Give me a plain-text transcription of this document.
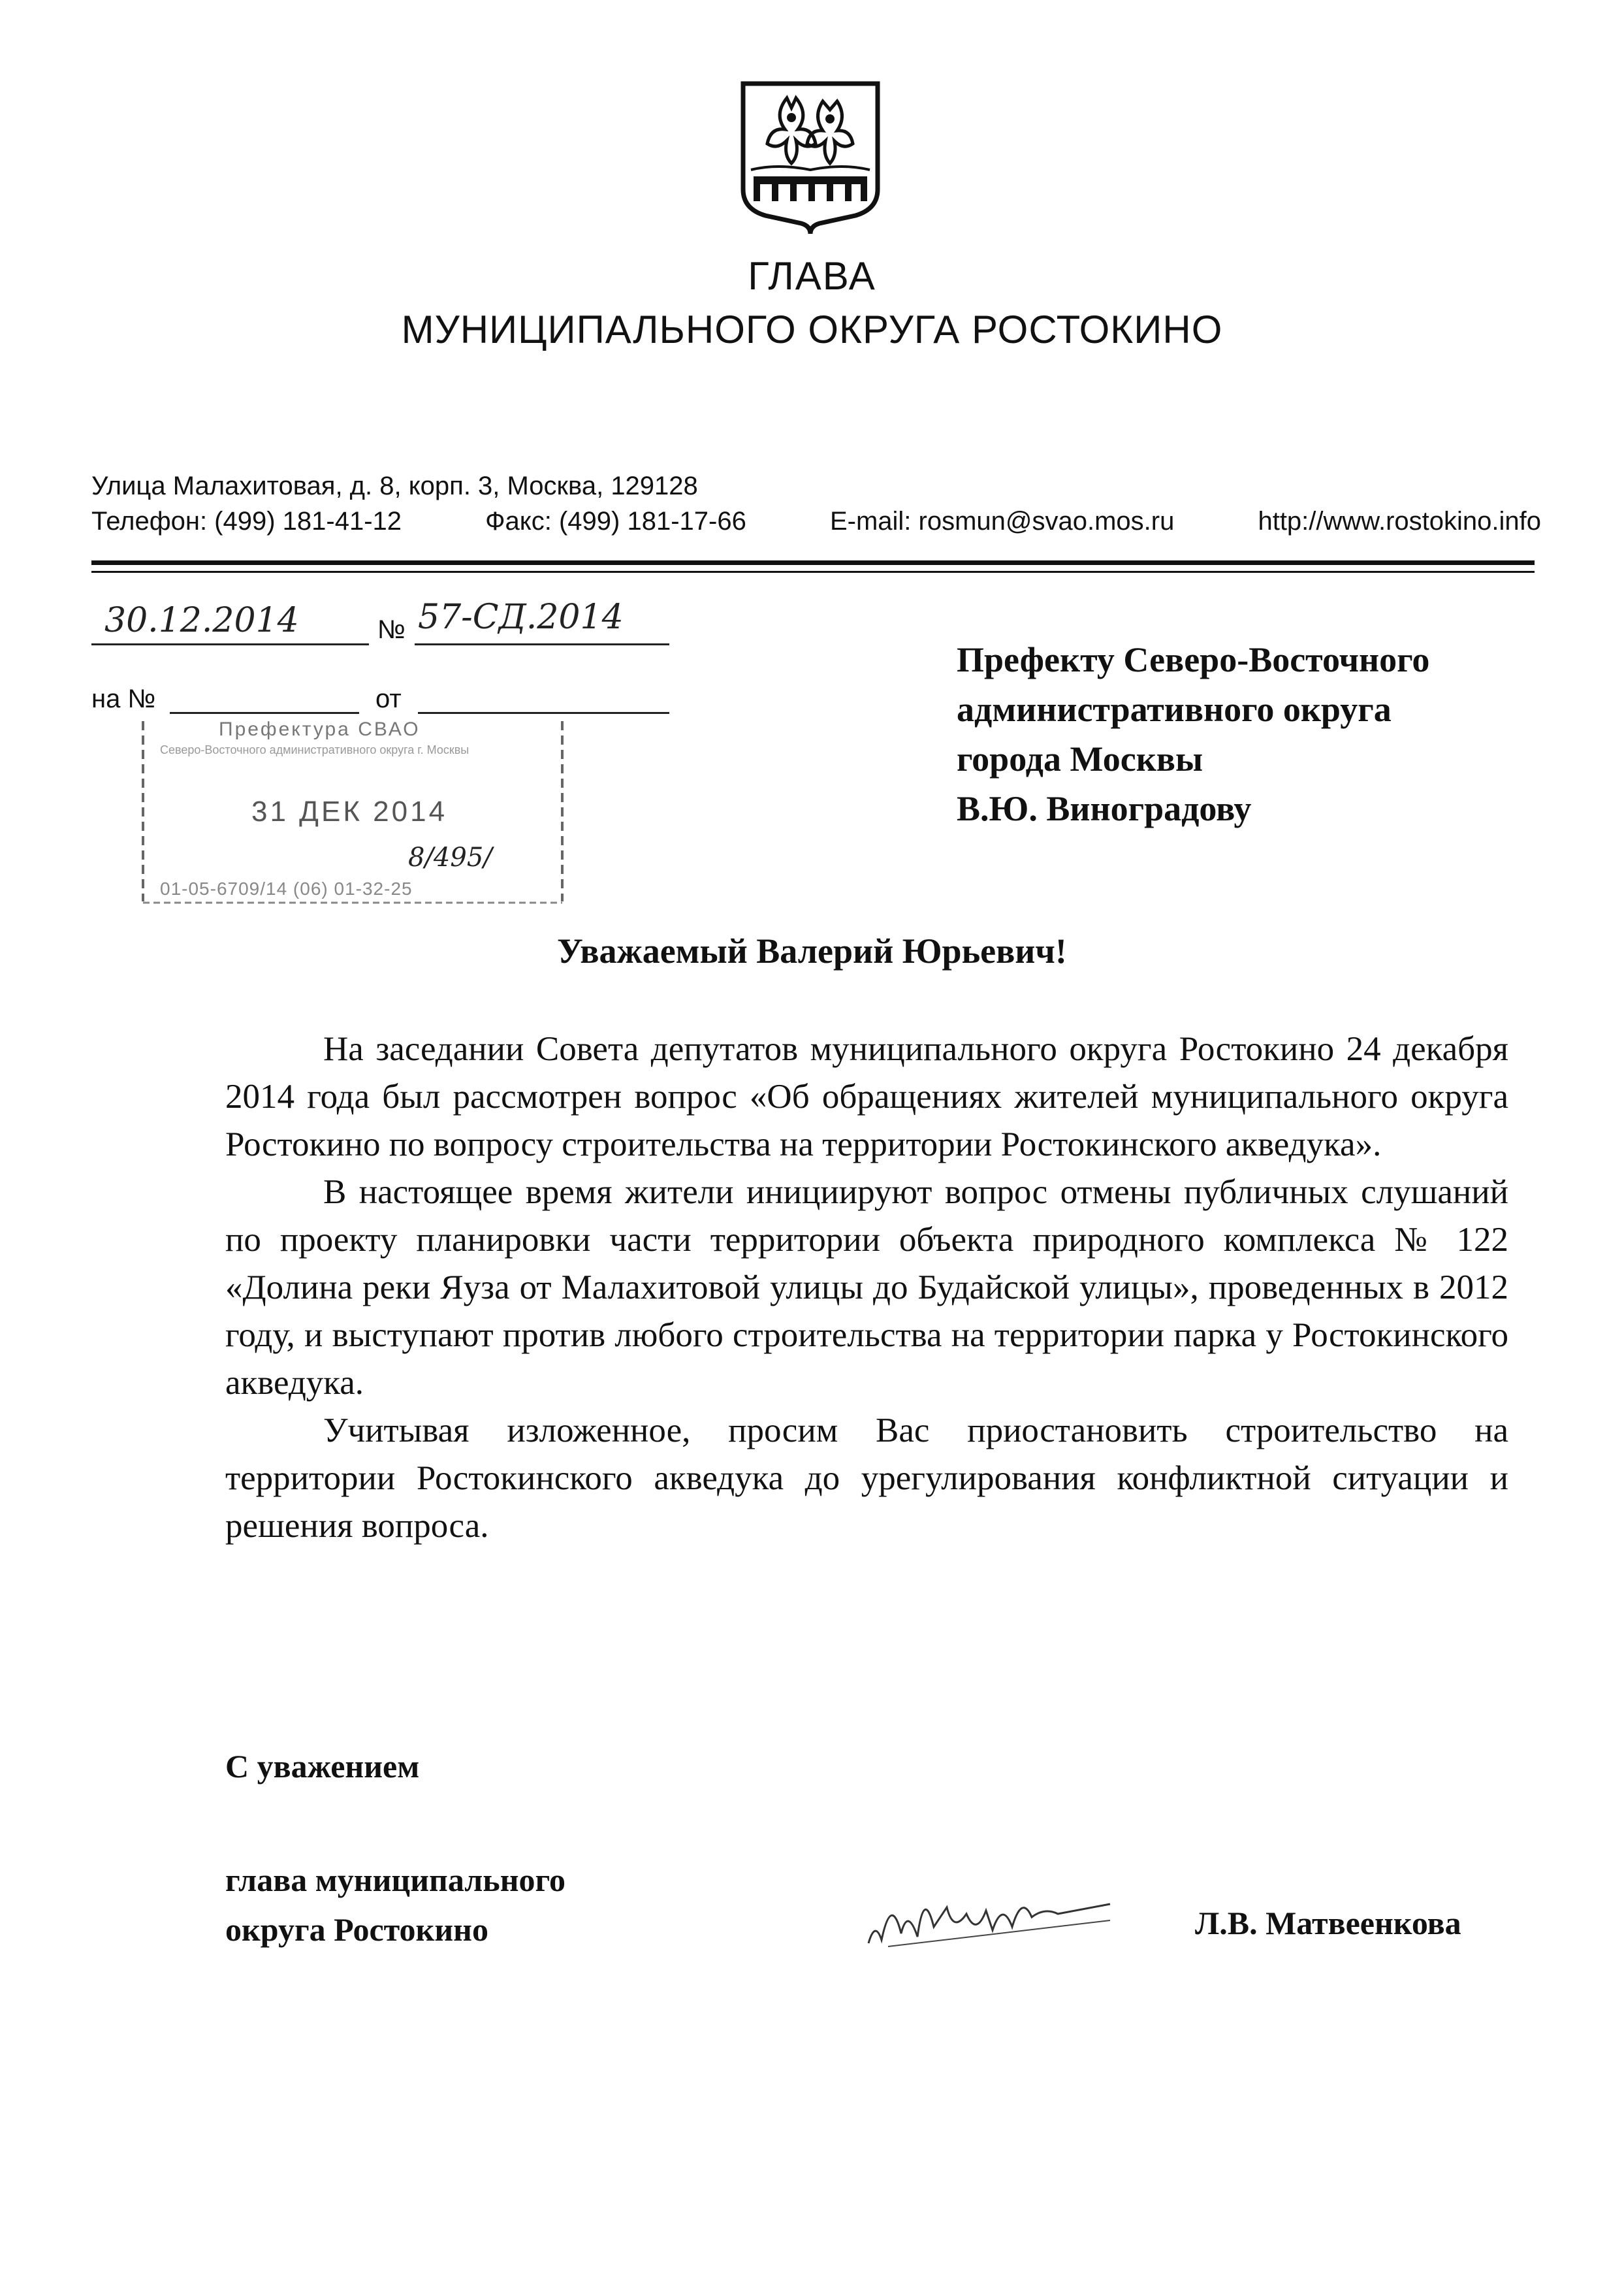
ГЛАВА
МУНИЦИПАЛЬНОГО ОКРУГА РОСТОКИНО
Улица Малахитовая, д. 8, корп. 3, Москва, 129128
Телефон: (499) 181-41-12	Факс: (499) 181-17-66	E-mail: rosmun@svao.mos.ru	http://www.rostokino.info
30.12.2014	№ 57-СД.2014
на №	от
Префектура СВАО
Северо-Восточного административного округа г. Москвы
31 ДЕК 2014
8/495/
01-05-6709/14 (06) 01-32-25
Префекту Северо-Восточного
административного округа
города Москвы
В.Ю. Виноградову
Уважаемый Валерий Юрьевич!

На заседании Совета депутатов муниципального округа Ростокино 24 декабря 2014 года был рассмотрен вопрос «Об обращениях жителей муниципального округа Ростокино по вопросу строительства на территории Ростокинского акведука».

В настоящее время жители инициируют вопрос отмены публичных слушаний по проекту планировки части территории объекта природного комплекса № 122 «Долина реки Яуза от Малахитовой улицы до Будайской улицы», проведенных в 2012 году, и выступают против любого строительства на территории парка у Ростокинского акведука.

Учитывая изложенное, просим Вас приостановить строительство на территории Ростокинского акведука до урегулирования конфликтной ситуации и решения вопроса.

С уважением
глава муниципального
округа Ростокино	Л.В. Матвеенкова
